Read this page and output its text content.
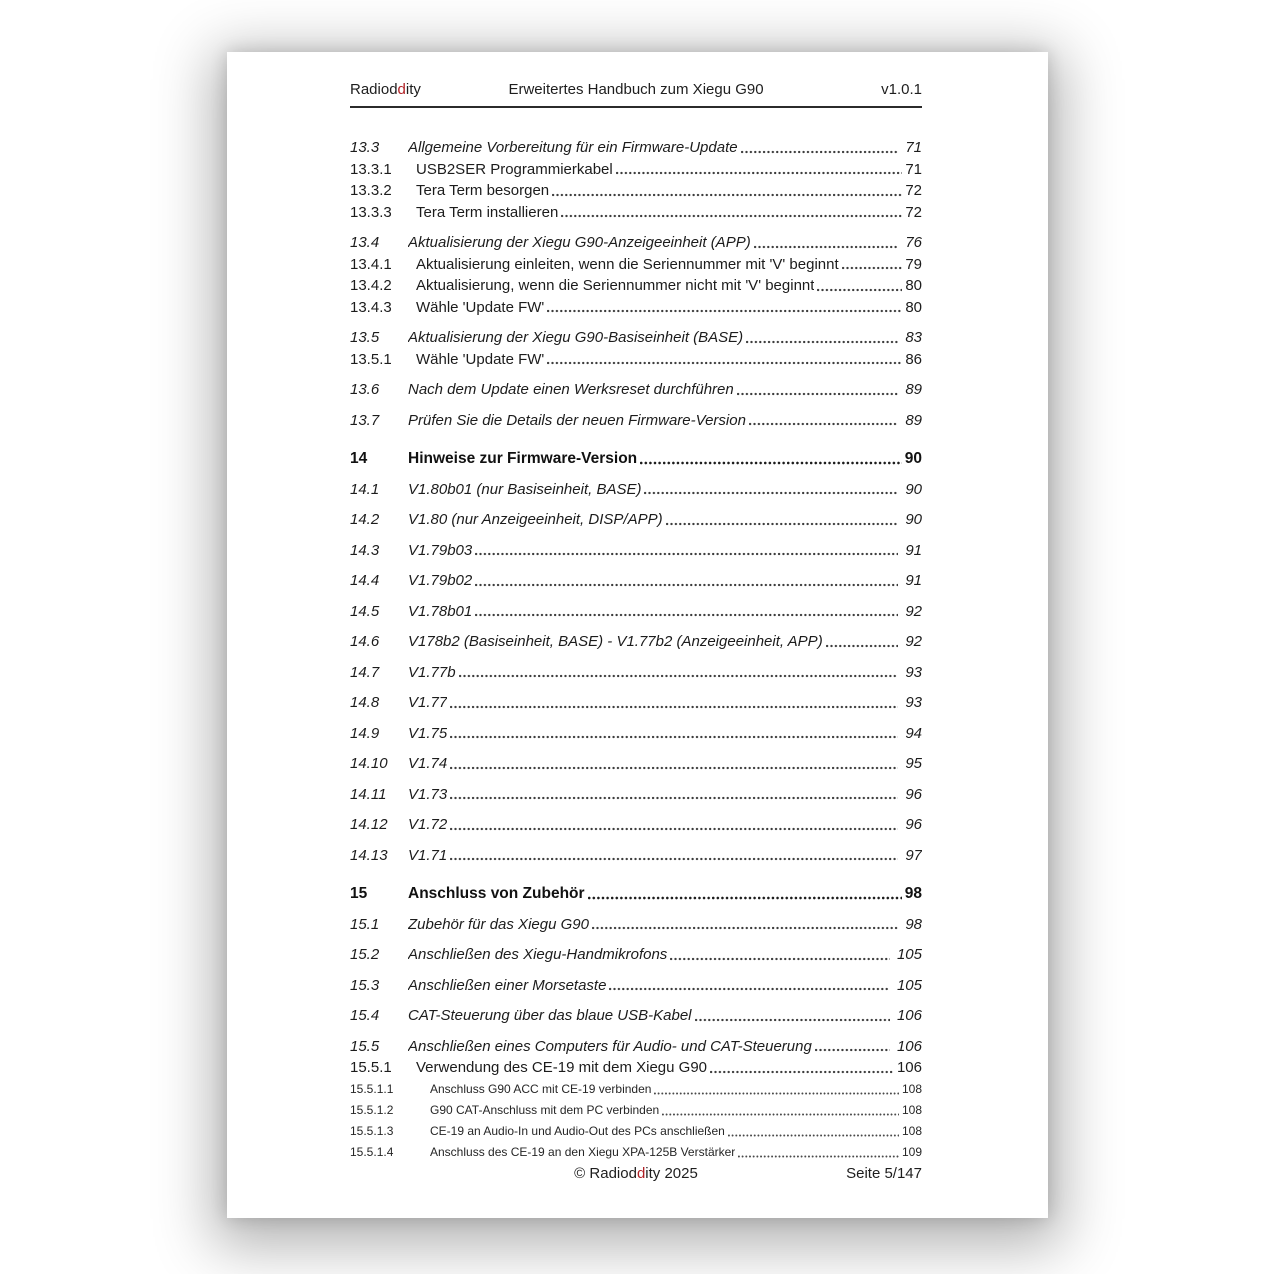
Radioddity	Erweitertes Handbuch zum Xiegu G90	v1.0.1
13.3	Allgemeine Vorbereitung für ein Firmware-Update	71
13.3.1	USB2SER Programmierkabel	71
13.3.2	Tera Term besorgen	72
13.3.3	Tera Term installieren	72
13.4	Aktualisierung der Xiegu G90-Anzeigeeinheit (APP)	76
13.4.1	Aktualisierung einleiten, wenn die Seriennummer mit 'V' beginnt	79
13.4.2	Aktualisierung, wenn die Seriennummer nicht mit 'V' beginnt	80
13.4.3	Wähle 'Update FW'	80
13.5	Aktualisierung der Xiegu G90-Basiseinheit (BASE)	83
13.5.1	Wähle 'Update FW'	86
13.6	Nach dem Update einen Werksreset durchführen	89
13.7	Prüfen Sie die Details der neuen Firmware-Version	89
14	Hinweise zur Firmware-Version	90
14.1	V1.80b01 (nur Basiseinheit, BASE)	90
14.2	V1.80 (nur Anzeigeeinheit, DISP/APP)	90
14.3	V1.79b03	91
14.4	V1.79b02	91
14.5	V1.78b01	92
14.6	V178b2 (Basiseinheit, BASE) - V1.77b2 (Anzeigeeinheit, APP)	92
14.7	V1.77b	93
14.8	V1.77	93
14.9	V1.75	94
14.10	V1.74	95
14.11	V1.73	96
14.12	V1.72	96
14.13	V1.71	97
15	Anschluss von Zubehör	98
15.1	Zubehör für das Xiegu G90	98
15.2	Anschließen des Xiegu-Handmikrofons	105
15.3	Anschließen einer Morsetaste	105
15.4	CAT-Steuerung über das blaue USB-Kabel	106
15.5	Anschließen eines Computers für Audio- und CAT-Steuerung	106
15.5.1	Verwendung des CE-19 mit dem Xiegu G90	106
15.5.1.1	Anschluss G90 ACC mit CE-19 verbinden	108
15.5.1.2	G90 CAT-Anschluss mit dem PC verbinden	108
15.5.1.3	CE-19 an Audio-In und Audio-Out des PCs anschließen	108
15.5.1.4	Anschluss des CE-19 an den Xiegu XPA-125B Verstärker	109
© Radioddity 2025	Seite 5/147
